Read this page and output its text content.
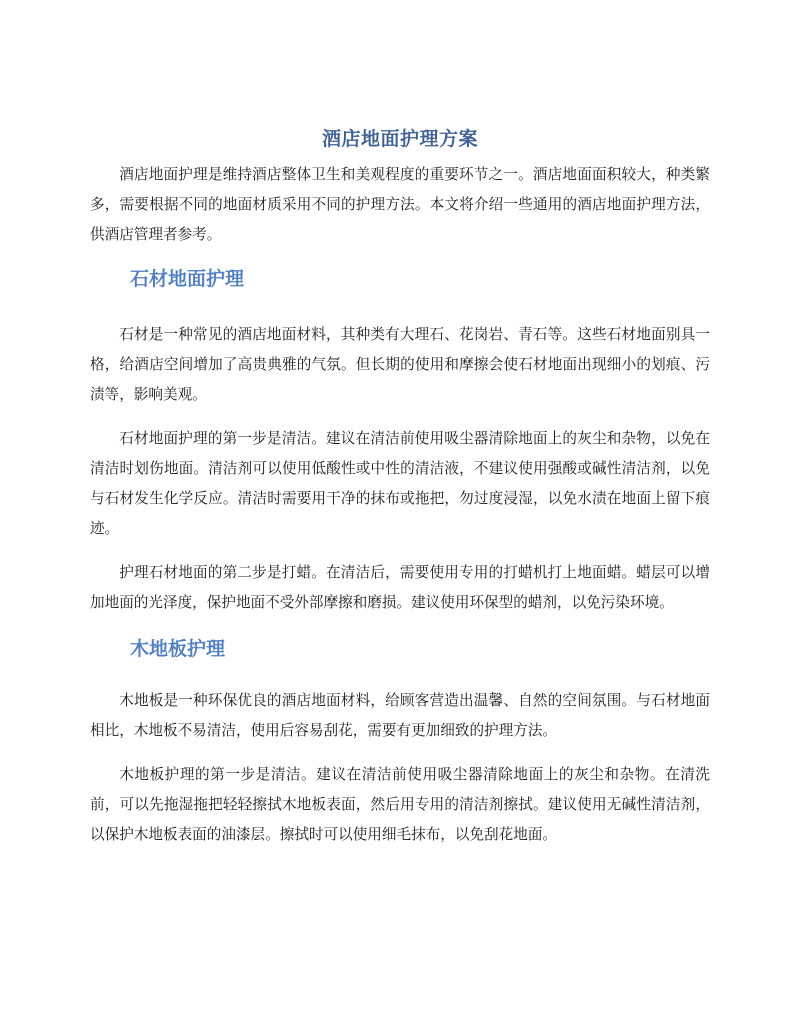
酒店地面护理方案

酒店地面护理是维持酒店整体卫生和美观程度的重要环节之一。酒店地面面积较大，种类繁多，需要根据不同的地面材质采用不同的护理方法。本文将介绍一些通用的酒店地面护理方法，供酒店管理者参考。

石材地面护理

石材是一种常见的酒店地面材料，其种类有大理石、花岗岩、青石等。这些石材地面别具一格，给酒店空间增加了高贵典雅的气氛。但长期的使用和摩擦会使石材地面出现细小的划痕、污渍等，影响美观。

石材地面护理的第一步是清洁。建议在清洁前使用吸尘器清除地面上的灰尘和杂物，以免在清洁时划伤地面。清洁剂可以使用低酸性或中性的清洁液，不建议使用强酸或碱性清洁剂，以免与石材发生化学反应。清洁时需要用干净的抹布或拖把，勿过度浸湿，以免水渍在地面上留下痕迹。

护理石材地面的第二步是打蜡。在清洁后，需要使用专用的打蜡机打上地面蜡。蜡层可以增加地面的光泽度，保护地面不受外部摩擦和磨损。建议使用环保型的蜡剂，以免污染环境。

木地板护理

木地板是一种环保优良的酒店地面材料，给顾客营造出温馨、自然的空间氛围。与石材地面相比，木地板不易清洁，使用后容易刮花，需要有更加细致的护理方法。

木地板护理的第一步是清洁。建议在清洁前使用吸尘器清除地面上的灰尘和杂物。在清洗前，可以先拖湿拖把轻轻擦拭木地板表面，然后用专用的清洁剂擦拭。建议使用无碱性清洁剂，以保护木地板表面的油漆层。擦拭时可以使用细毛抹布，以免刮花地面。
